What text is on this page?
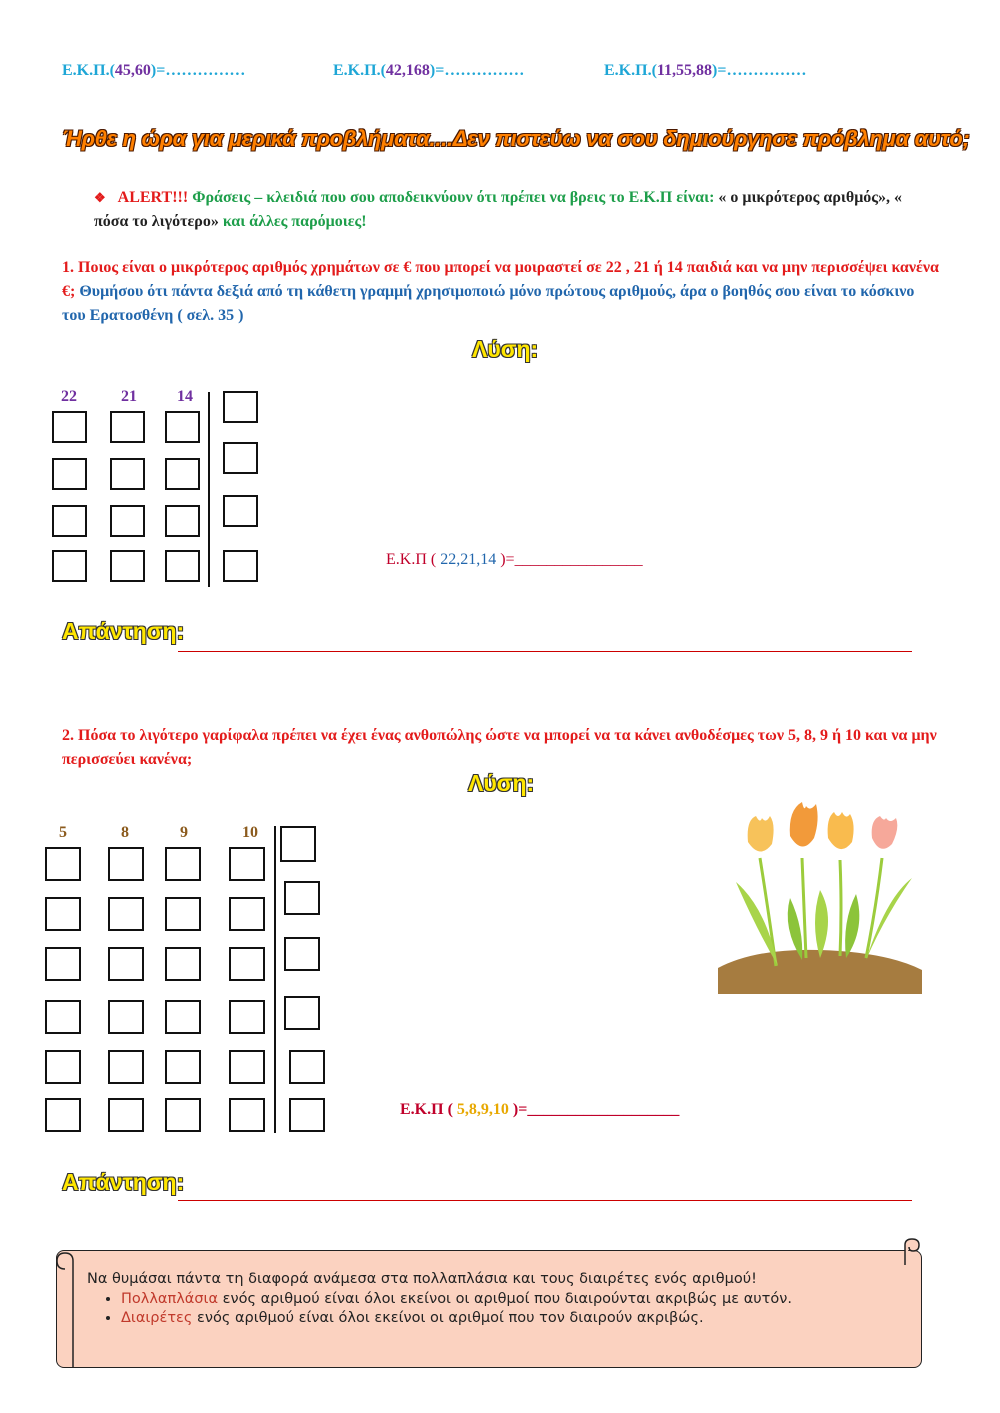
Ε.Κ.Π.(45,60)=……………	Ε.Κ.Π.(42,168)=……………	Ε.Κ.Π.(11,55,88)=……………
Ήρθε η ώρα για μερικά προβλήματα....Δεν πιστεύω να σου δημιούργησε πρόβλημα αυτό;
❖ ALERT!!! Φράσεις – κλειδιά που σου αποδεικνύουν ότι πρέπει να βρεις το Ε.Κ.Π είναι: « ο μικρότερος αριθμός», « πόσα το λιγότερο» και άλλες παρόμοιες!
1. Ποιος είναι ο μικρότερος αριθμός χρημάτων σε € που μπορεί να μοιραστεί σε 22 , 21 ή 14 παιδιά και να μην περισσέψει κανένα €; Θυμήσου ότι πάντα δεξιά από τη κάθετη γραμμή χρησιμοποιώ μόνο πρώτους αριθμούς, άρα ο βοηθός σου είναι το κόσκινο του Ερατοσθένη ( σελ. 35 )
Λύση:
22	21	14
Ε.Κ.Π ( 22,21,14 )=________________
Απάντηση:
2. Πόσα το λιγότερο γαρίφαλα πρέπει να έχει ένας ανθοπώλης ώστε να μπορεί να τα κάνει ανθοδέσμες των 5, 8, 9 ή 10 και να μην περισσεύει κανένα;
Λύση:
5	8	9	10
Ε.Κ.Π ( 5,8,9,10 )=___________________
Απάντηση:
Να θυμάσαι πάντα τη διαφορά ανάμεσα στα πολλαπλάσια και τους διαιρέτες ενός αριθμού!
• Πολλαπλάσια ενός αριθμού είναι όλοι εκείνοι οι αριθμοί που διαιρούνται ακριβώς με αυτόν.
• Διαιρέτες ενός αριθμού είναι όλοι εκείνοι οι αριθμοί που τον διαιρούν ακριβώς.
